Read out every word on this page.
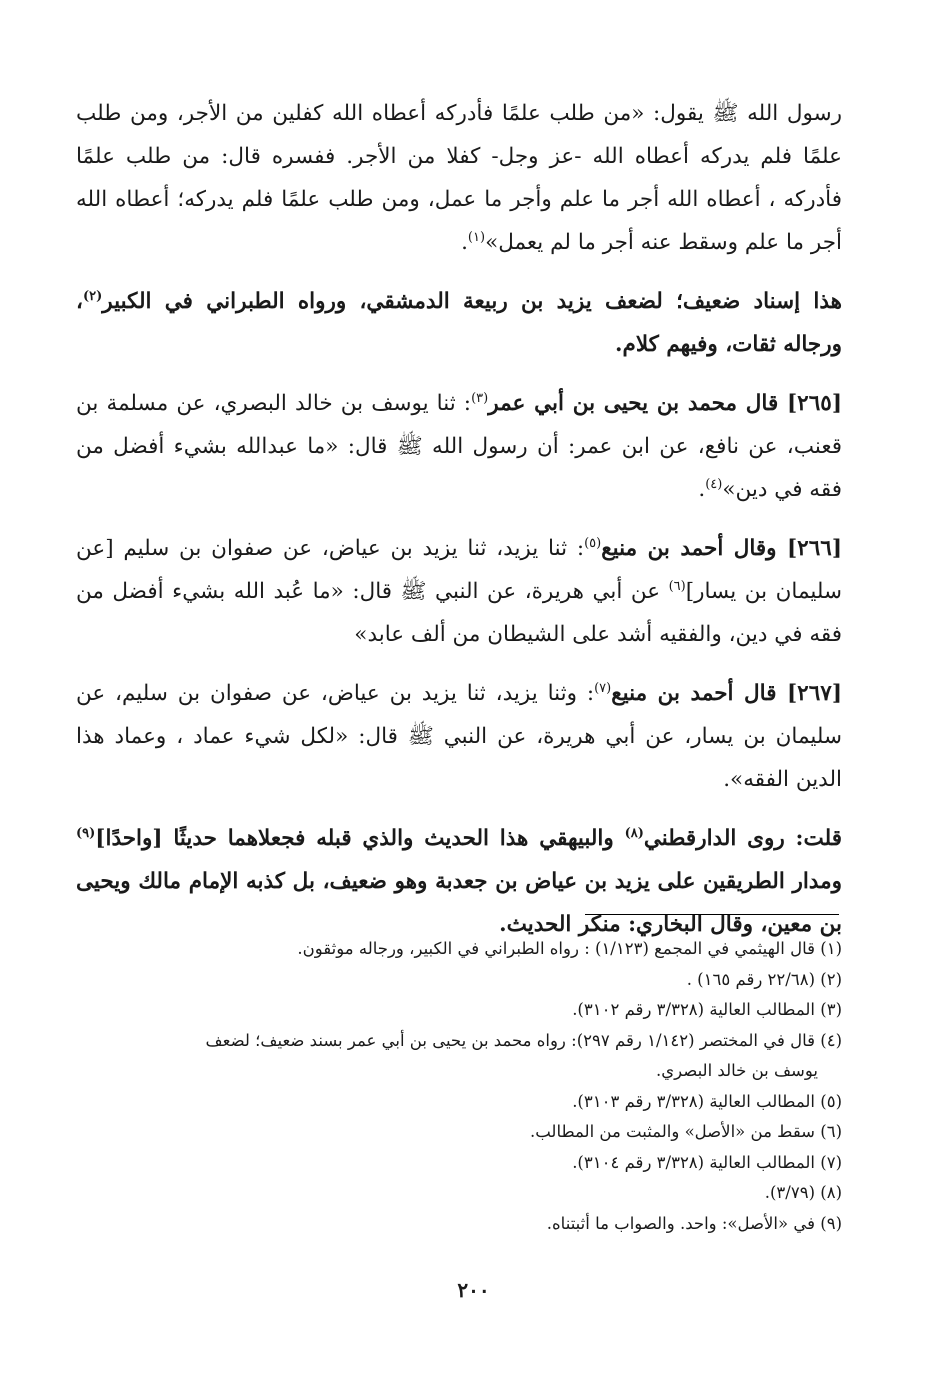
رسول الله ﷺ يقول: «من طلب علمًا فأدركه أعطاه الله كفلين من الأجر، ومن طلب علمًا فلم يدركه أعطاه الله -عز وجل- كفلا من الأجر. ففسره قال: من طلب علمًا فأدركه ، أعطاه الله أجر ما علم وأجر ما عمل، ومن طلب علمًا فلم يدركه؛ أعطاه الله أجر ما علم وسقط عنه أجر ما لم يعمل»$^{(١)}$.

هذا إسناد ضعيف؛ لضعف يزيد بن ربيعة الدمشقي، ورواه الطبراني في الكبير$^{(٢)}$، ورجاله ثقات، وفيهم كلام.

[٢٦٥] قال محمد بن يحيى بن أبي عمر$^{(٣)}$: ثنا يوسف بن خالد البصري، عن مسلمة بن قعنب، عن نافع، عن ابن عمر: أن رسول الله ﷺ قال: «ما عبدالله بشيء أفضل من فقه في دين»$^{(٤)}$.

[٢٦٦] وقال أحمد بن منيع$^{(٥)}$: ثنا يزيد، ثنا يزيد بن عياض، عن صفوان بن سليم [عن سليمان بن يسار]$^{(٦)}$ عن أبي هريرة، عن النبي ﷺ قال: «ما عُبد الله بشيء أفضل من فقه في دين، والفقيه أشد على الشيطان من ألف عابد»

[٢٦٧] قال أحمد بن منيع$^{(٧)}$: وثنا يزيد، ثنا يزيد بن عياض، عن صفوان بن سليم، عن سليمان بن يسار، عن أبي هريرة، عن النبي ﷺ قال: «لكل شيء عماد ، وعماد هذا الدين الفقه».

قلت: روى الدارقطني$^{(٨)}$ والبيهقي هذا الحديث والذي قبله فجعلاهما حديثًا [واحدًا]$^{(٩)}$ ومدار الطريقين على يزيد بن عياض بن جعدبة وهو ضعيف، بل كذبه الإمام مالك ويحيى بن معين، وقال البخاري: منكر الحديث.

(١) قال الهيثمي في المجمع (١/١٢٣) : رواه الطبراني في الكبير، ورجاله موثقون.

(٢) (٢٢/٦٨ رقم ١٦٥) .

(٣) المطالب العالية (٣/٣٢٨ رقم ٣١٠٢).

(٤) قال في المختصر (١/١٤٢ رقم ٢٩٧): رواه محمد بن يحيى بن أبي عمر بسند ضعيف؛ لضعف

يوسف بن خالد البصري.

(٥) المطالب العالية (٣/٣٢٨ رقم ٣١٠٣).

(٦) سقط من «الأصل» والمثبت من المطالب.

(٧) المطالب العالية (٣/٣٢٨ رقم ٣١٠٤).

(٨) (٣/٧٩).

(٩) في «الأصل»: واحد. والصواب ما أثبتناه.

٢٠٠
